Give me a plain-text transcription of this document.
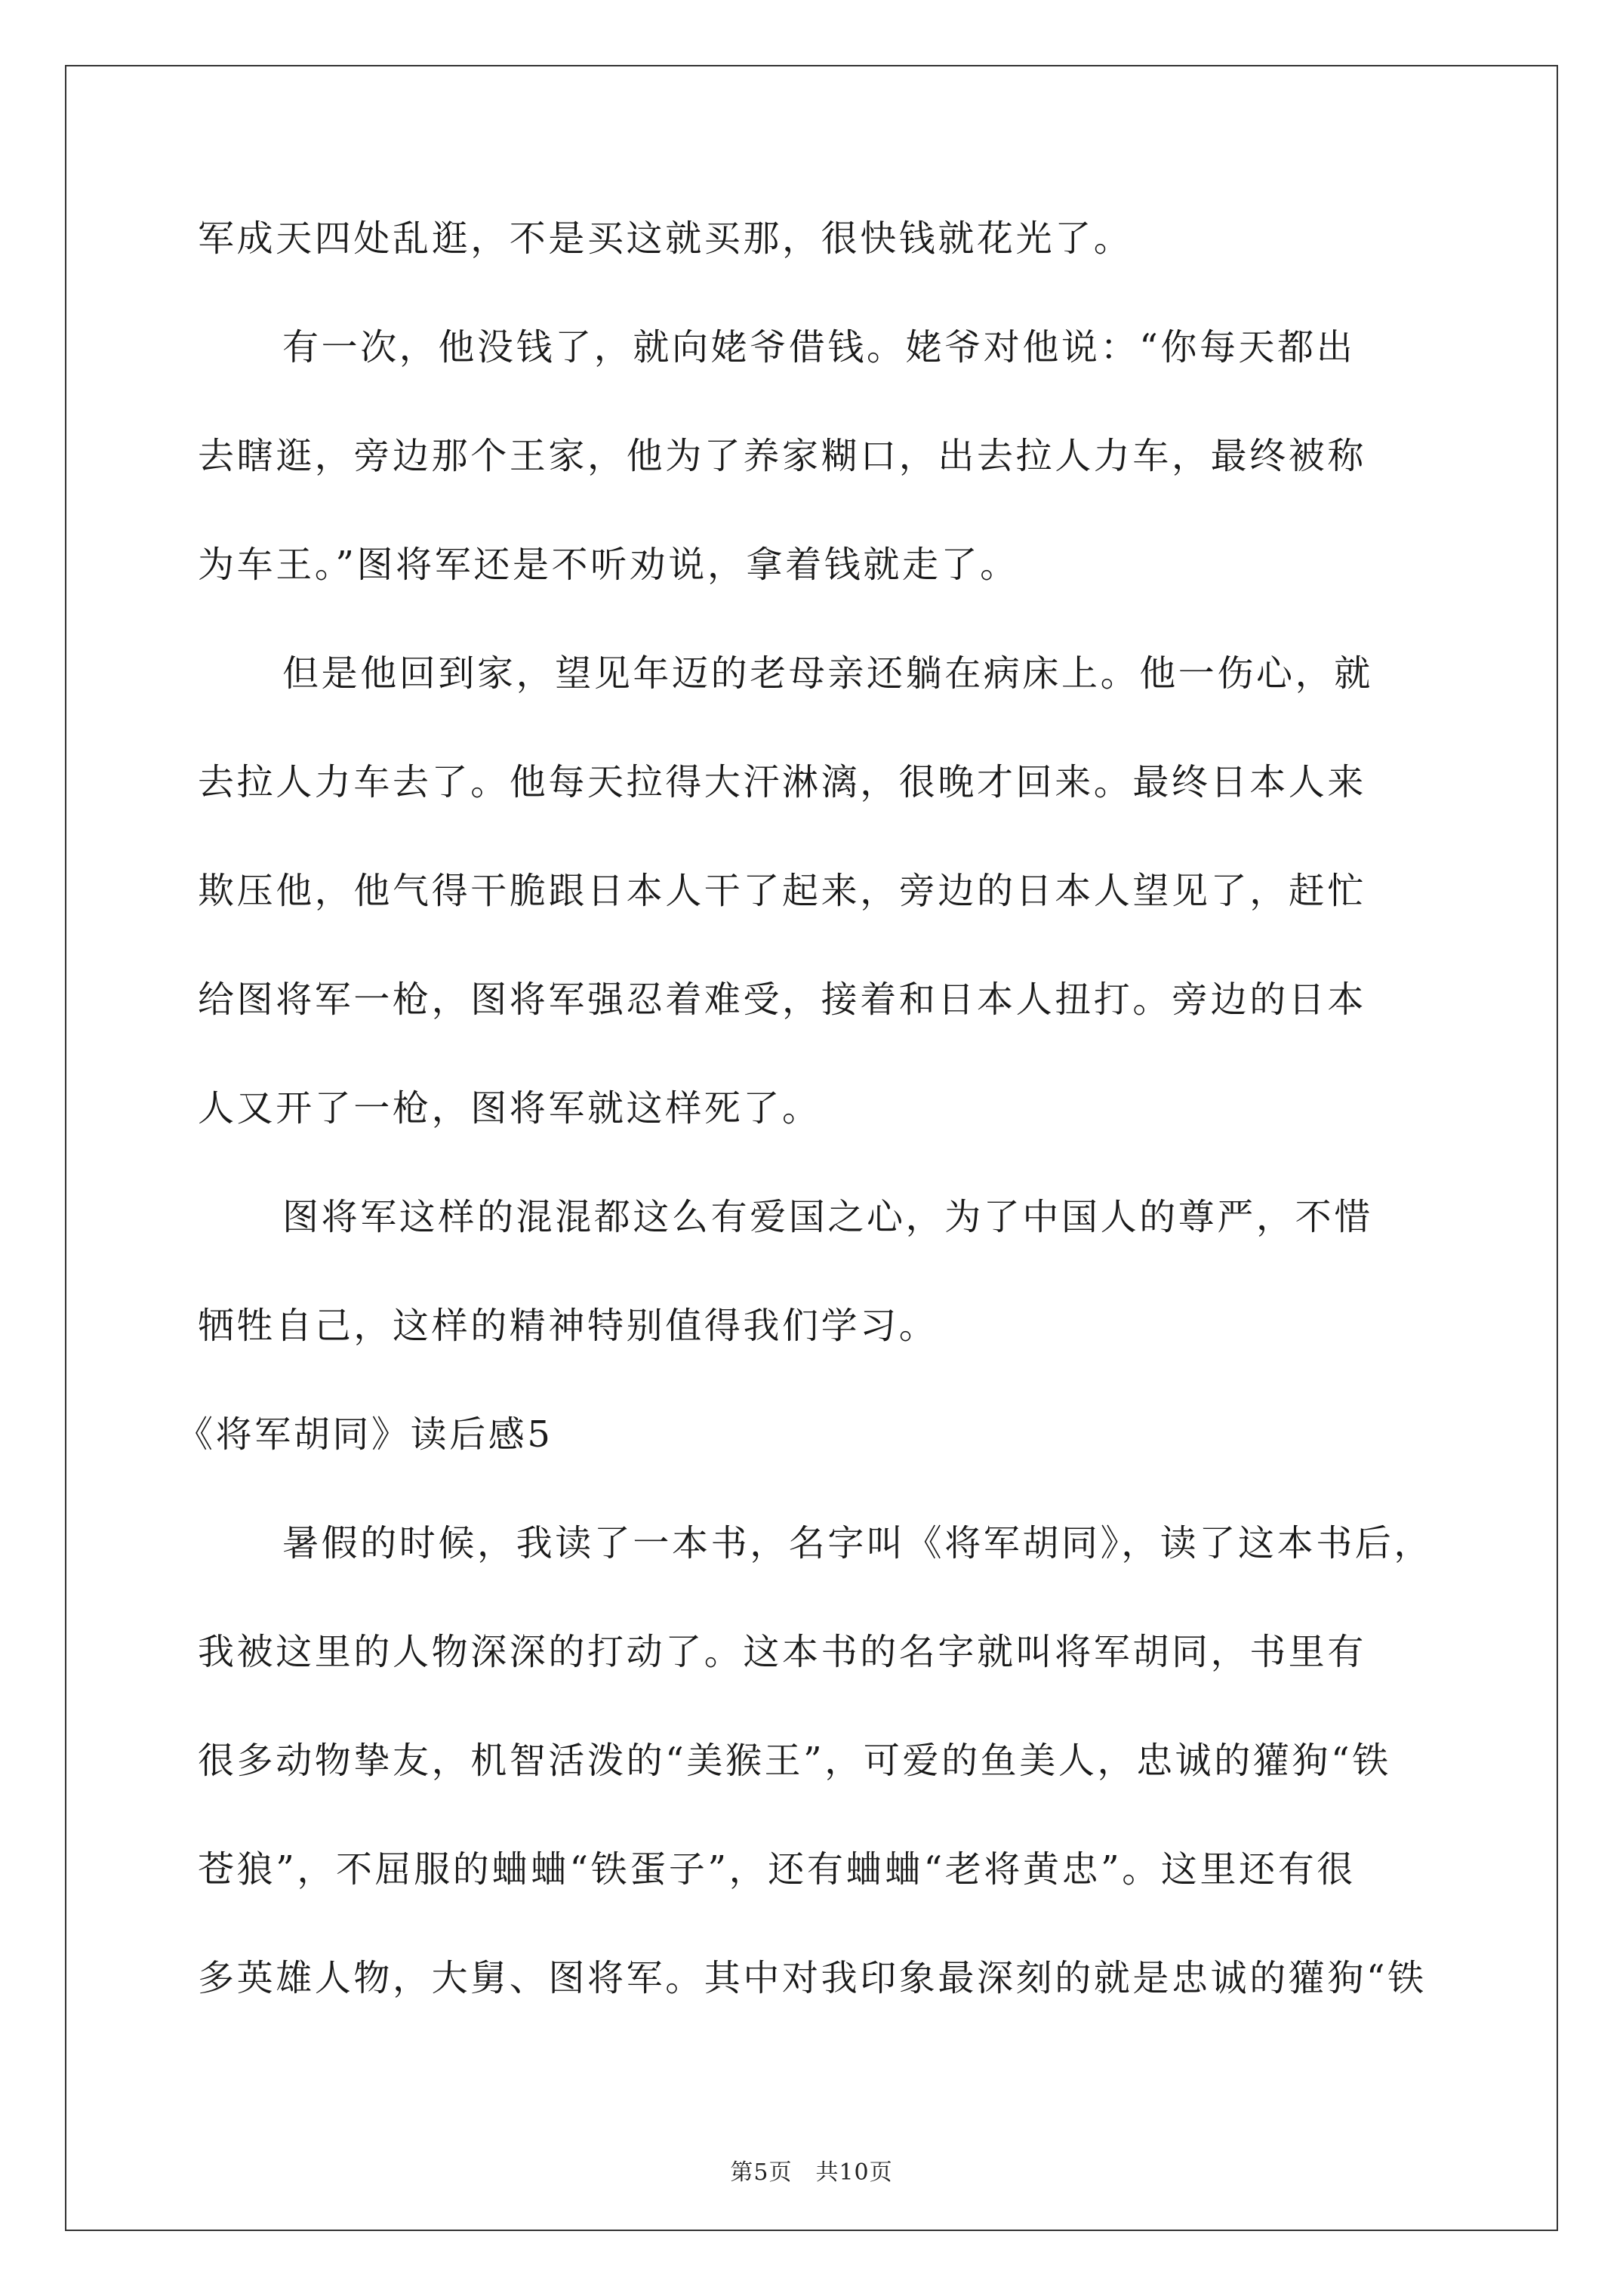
军成天四处乱逛，不是买这就买那，很快钱就花光了。
有一次，他没钱了，就向姥爷借钱。姥爷对他说：“你每天都出
去瞎逛，旁边那个王家，他为了养家糊口，出去拉人力车，最终被称
为车王。”图将军还是不听劝说，拿着钱就走了。
但是他回到家，望见年迈的老母亲还躺在病床上。他一伤心，就
去拉人力车去了。他每天拉得大汗淋漓，很晚才回来。最终日本人来
欺压他，他气得干脆跟日本人干了起来，旁边的日本人望见了，赶忙
给图将军一枪，图将军强忍着难受，接着和日本人扭打。旁边的日本
人又开了一枪，图将军就这样死了。
图将军这样的混混都这么有爱国之心，为了中国人的尊严，不惜
牺牲自己，这样的精神特别值得我们学习。
《将军胡同》读后感5
暑假的时候，我读了一本书，名字叫《将军胡同》，读了这本书后，
我被这里的人物深深的打动了。这本书的名字就叫将军胡同，书里有
很多动物挚友，机智活泼的“美猴王”，可爱的鱼美人，忠诚的獾狗“铁
苍狼”，不屈服的蛐蛐“铁蛋子”，还有蛐蛐“老将黄忠”。这里还有很
多英雄人物，大舅、图将军。其中对我印象最深刻的就是忠诚的獾狗“铁
第5页　共10页
